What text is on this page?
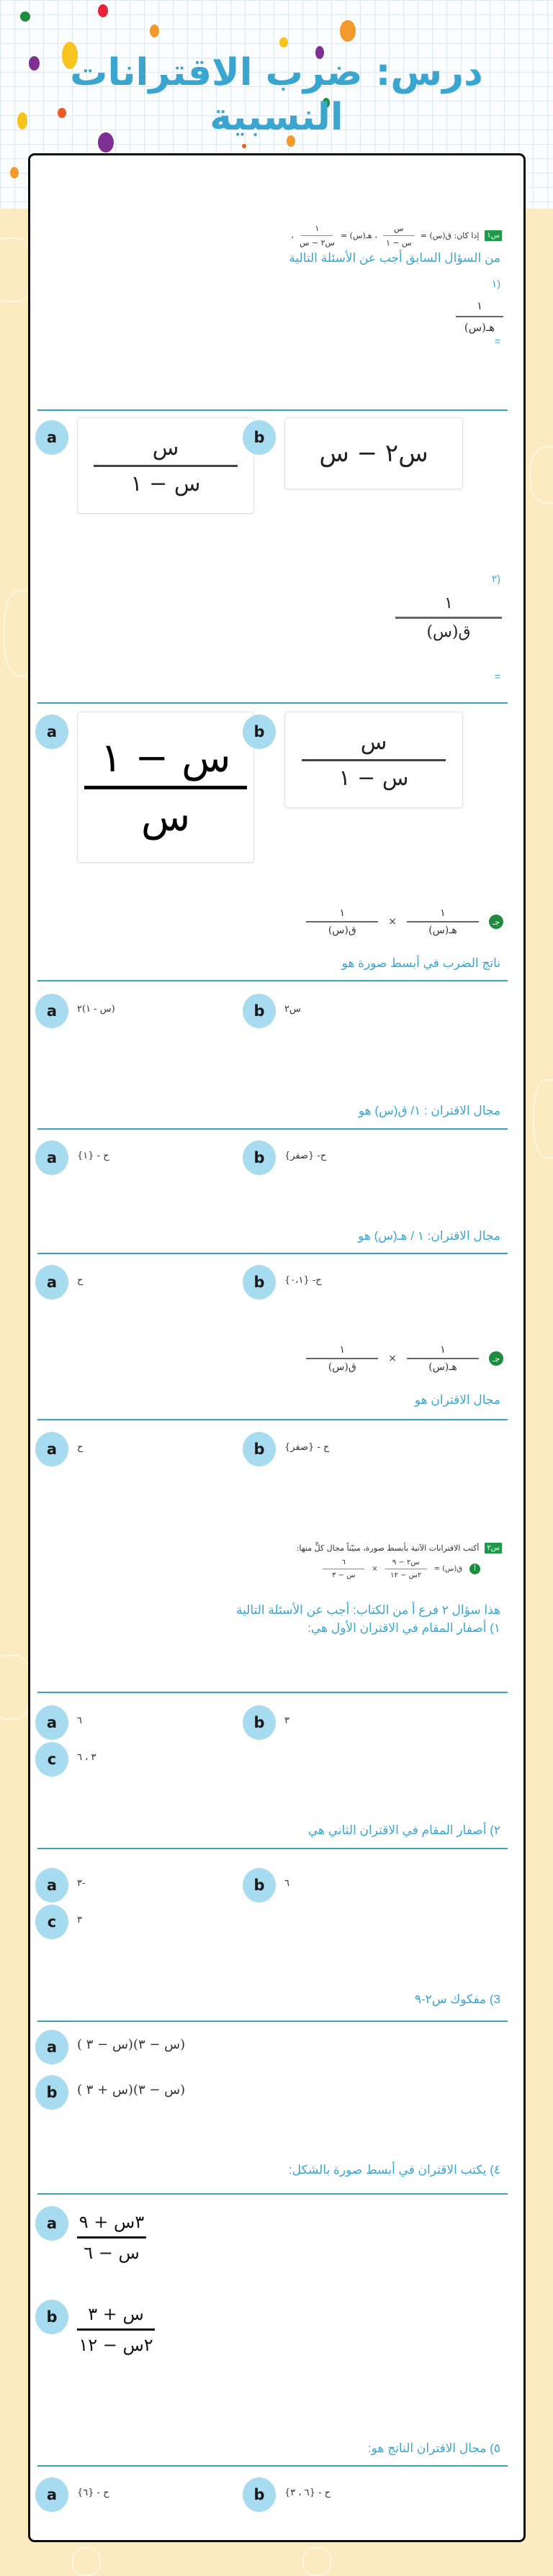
درس: ضرب الاقترانات النسبية
س١
إذا كان: ق(س) =
$\frac{\text{س}}{\text{س − ١}}$
، هـ(س) =
$\frac{١}{\text{س٢ − س}}$
،
من السؤال السابق أجب عن الأسئلة التالية
(١
١
هـ(س)
=
a	$\frac{\text{س}}{\text{س − ١}}$	b
س٢ − س
(٢
١
ق(س)
=
a
س − ١
س
b	$\frac{\text{س}}{\text{س − ١}}$
جـ
$\frac{١}{\text{هـ(س)}}$
×
$\frac{١}{\text{ق(س)}}$
ناتج الضرب في أبسط صورة هو
a	(س - ١)٢	b	س٢
مجال الاقتران : ١/ ق(س) هو
a	ح - {١}	b	ح- {صفر}
مجال الاقتران: ١ / هـ(س) هو
a	ح	b	ح- {٠،١}
جـ
$\frac{١}{\text{هـ(س)}}$
×
$\frac{١}{\text{ق(س)}}$
مجال الاقتران هو
a	ح	b	ح - {صفر}
س٢
أكتب الاقترانات الآتية بأبسط صورة، مبيّناً مجال كلٍّ منها:
أ
ق(س) =
$\frac{\text{س٢ − ٩}}{\text{٢س − ١٢}}$
×
$\frac{٦}{\text{س − ٣}}$
هذا سؤال ٢ فرع أ من الكتاب: أجب عن الأسئلة التالية
١) أصفار المقام في الاقتران الأول هي:
a	٦	b	٣
c	٣ ، ٦
٢) أصفار المقام في الاقتران الثاني هي
a	-٣	b	٦
c	٣
3) مفكوك س٢-٩
a	(س − ٣)(س − ٣ )
b	(س − ٣)(س + ٣ )
٤) يكتب الاقتران في أبسط صورة بالشكل:
a	$\frac{\text{٣س + ٩}}{\text{س − ٦}}$
b	$\frac{\text{س + ٣}}{\text{٢س − ١٢}}$
٥) مجال الاقتران الناتج هو:
a	ح - {٦}	b	ح - {٦ ، ٣}
